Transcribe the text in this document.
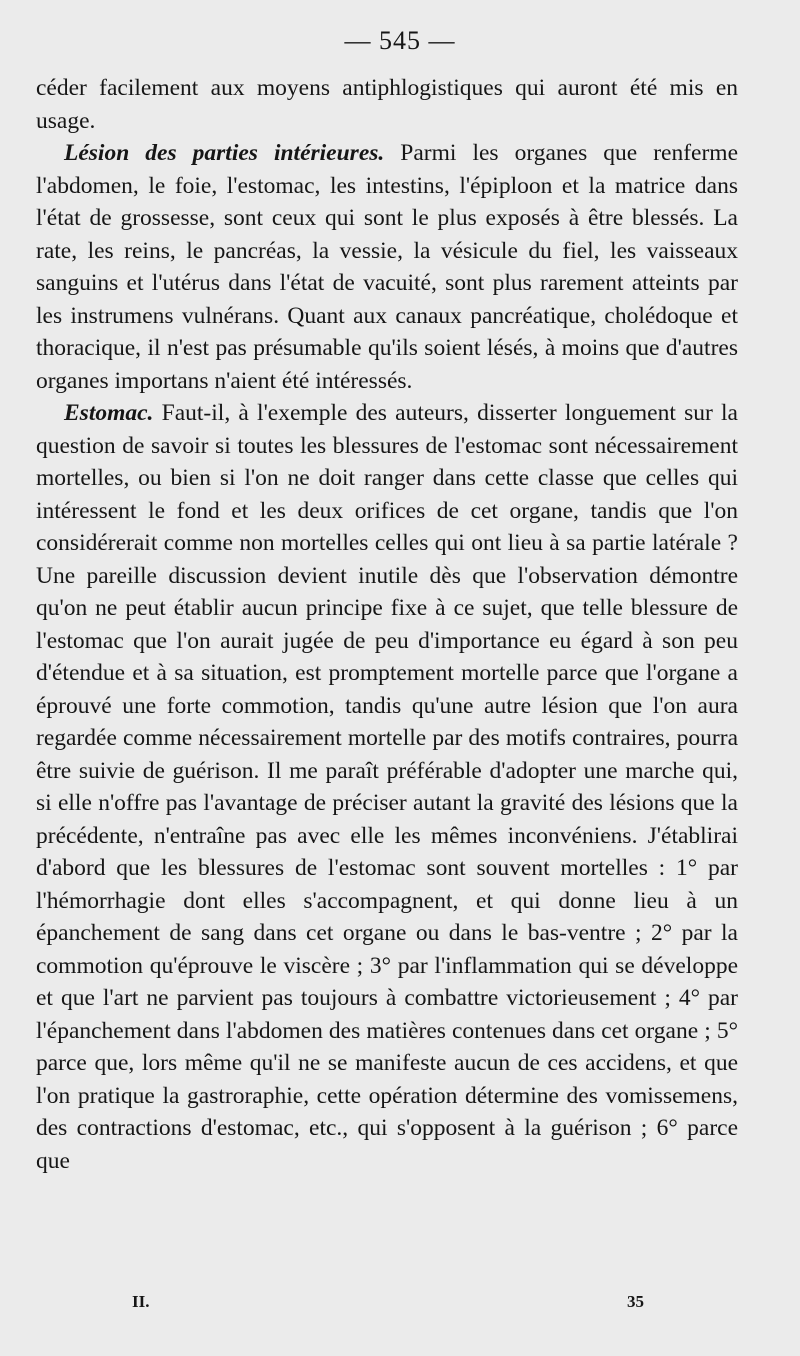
— 545 —

céder facilement aux moyens antiphlogistiques qui auront été mis en usage.

Lésion des parties intérieures. Parmi les organes que renferme l'abdomen, le foie, l'estomac, les intestins, l'épiploon et la matrice dans l'état de grossesse, sont ceux qui sont le plus exposés à être blessés. La rate, les reins, le pancréas, la vessie, la vésicule du fiel, les vaisseaux sanguins et l'utérus dans l'état de vacuité, sont plus rarement atteints par les instrumens vulnérans. Quant aux canaux pancréatique, cholédoque et thoracique, il n'est pas présumable qu'ils soient lésés, à moins que d'autres organes importans n'aient été intéressés.

Estomac. Faut-il, à l'exemple des auteurs, disserter longuement sur la question de savoir si toutes les blessures de l'estomac sont nécessairement mortelles, ou bien si l'on ne doit ranger dans cette classe que celles qui intéressent le fond et les deux orifices de cet organe, tandis que l'on considérerait comme non mortelles celles qui ont lieu à sa partie latérale ? Une pareille discussion devient inutile dès que l'observation démontre qu'on ne peut établir aucun principe fixe à ce sujet, que telle blessure de l'estomac que l'on aurait jugée de peu d'importance eu égard à son peu d'étendue et à sa situation, est promptement mortelle parce que l'organe a éprouvé une forte commotion, tandis qu'une autre lésion que l'on aura regardée comme nécessairement mortelle par des motifs contraires, pourra être suivie de guérison. Il me paraît préférable d'adopter une marche qui, si elle n'offre pas l'avantage de préciser autant la gravité des lésions que la précédente, n'entraîne pas avec elle les mêmes inconvéniens. J'établirai d'abord que les blessures de l'estomac sont souvent mortelles : 1° par l'hémorrhagie dont elles s'accompagnent, et qui donne lieu à un épanchement de sang dans cet organe ou dans le bas-ventre ; 2° par la commotion qu'éprouve le viscère ; 3° par l'inflammation qui se développe et que l'art ne parvient pas toujours à combattre victorieusement ; 4° par l'épanchement dans l'abdomen des matières contenues dans cet organe ; 5° parce que, lors même qu'il ne se manifeste aucun de ces accidens, et que l'on pratique la gastroraphie, cette opération détermine des vomissemens, des contractions d'estomac, etc., qui s'opposent à la guérison ; 6° parce que

II.	35
